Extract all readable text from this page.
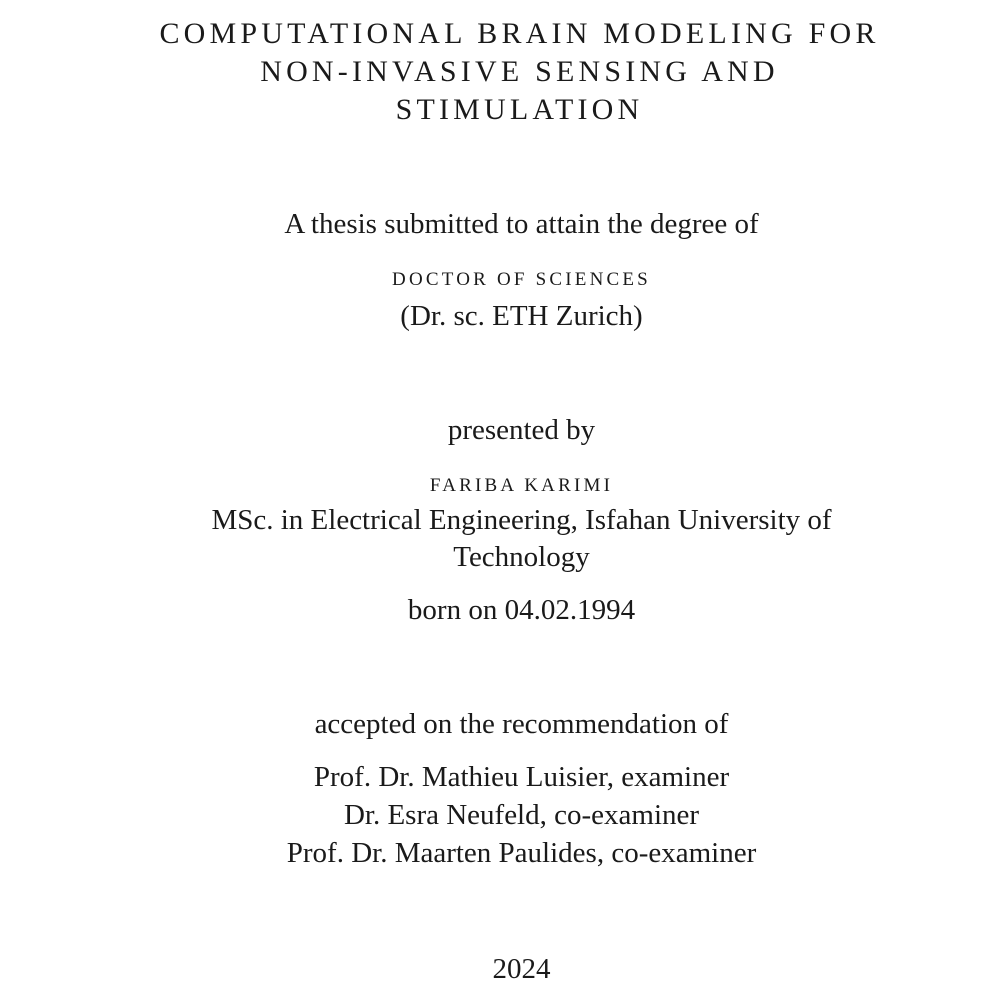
COMPUTATIONAL BRAIN MODELING FOR
NON-INVASIVE SENSING AND
STIMULATION
A thesis submitted to attain the degree of
DOCTOR OF SCIENCES
(Dr. sc. ETH Zurich)
presented by
FARIBA KARIMI
MSc. in Electrical Engineering, Isfahan University of
Technology
born on 04.02.1994
accepted on the recommendation of
Prof. Dr. Mathieu Luisier, examiner
Dr. Esra Neufeld, co-examiner
Prof. Dr. Maarten Paulides, co-examiner
2024
